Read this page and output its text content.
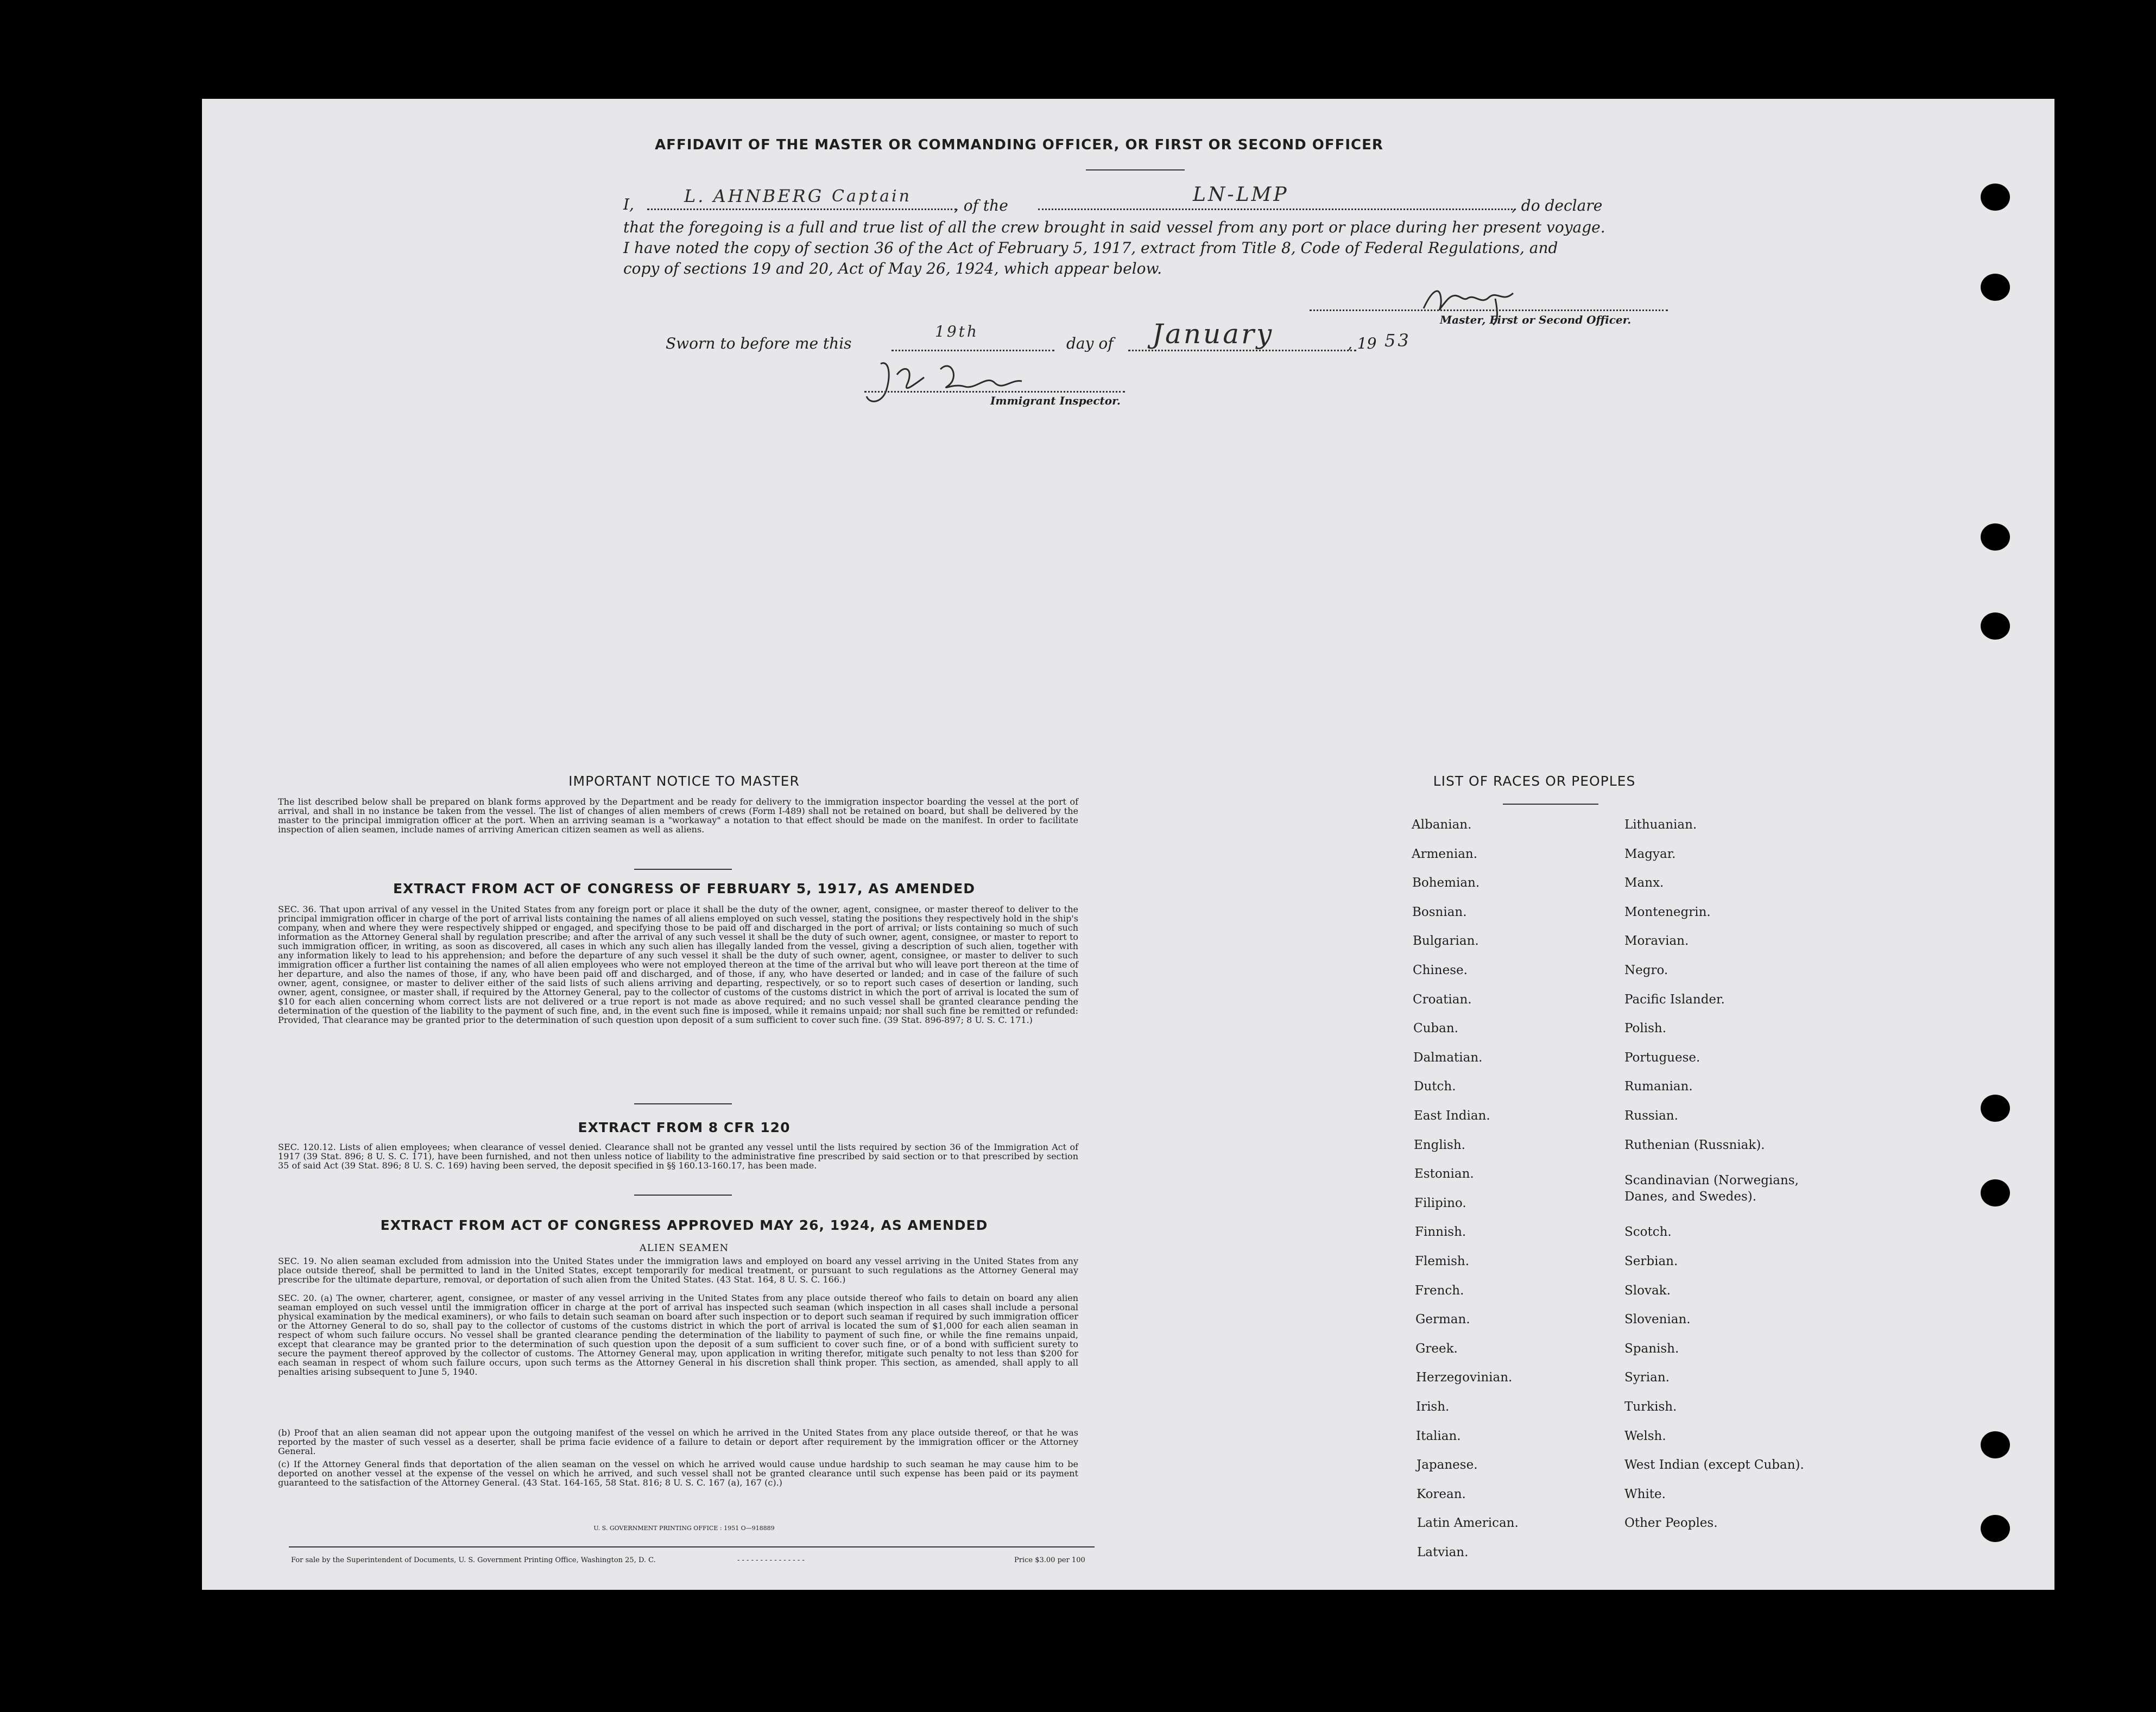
AFFIDAVIT OF THE MASTER OR COMMANDING OFFICER, OR FIRST OR SECOND OFFICER
I,	L. AHNBERG Captain	, of the	LN-LMP	, do declare
that the foregoing is a full and true list of all the crew brought in said vessel from any port or place during her present voyage.
I have noted the copy of section 36 of the Act of February 5, 1917, extract from Title 8, Code of Federal Regulations, and
copy of sections 19 and 20, Act of May 26, 1924, which appear below.
Master, First or Second Officer.
Sworn to before me this
19th
day of January	, 19 53
Immigrant Inspector.
IMPORTANT NOTICE TO MASTER
The list described below shall be prepared on blank forms approved by the Department and be ready for delivery to the immigration inspector boarding the vessel at the port of arrival, and shall in no instance be taken from the vessel. The list of changes of alien members of crews (Form I-489) shall not be retained on board, but shall be delivered by the master to the principal immigration officer at the port. When an arriving seaman is a "workaway" a notation to that effect should be made on the manifest. In order to facilitate inspection of alien seamen, include names of arriving American citizen seamen as well as aliens.
EXTRACT FROM ACT OF CONGRESS OF FEBRUARY 5, 1917, AS AMENDED
SEC. 36. That upon arrival of any vessel in the United States from any foreign port or place it shall be the duty of the owner, agent, consignee, or master thereof to deliver to the principal immigration officer in charge of the port of arrival lists containing the names of all aliens employed on such vessel, stating the positions they respectively hold in the ship's company, when and where they were respectively shipped or engaged, and specifying those to be paid off and discharged in the port of arrival; or lists containing so much of such information as the Attorney General shall by regulation prescribe; and after the arrival of any such vessel it shall be the duty of such owner, agent, consignee, or master to report to such immigration officer, in writing, as soon as discovered, all cases in which any such alien has illegally landed from the vessel, giving a description of such alien, together with any information likely to lead to his apprehension; and before the departure of any such vessel it shall be the duty of such owner, agent, consignee, or master to deliver to such immigration officer a further list containing the names of all alien employees who were not employed thereon at the time of the arrival but who will leave port thereon at the time of her departure, and also the names of those, if any, who have been paid off and discharged, and of those, if any, who have deserted or landed; and in case of the failure of such owner, agent, consignee, or master to deliver either of the said lists of such aliens arriving and departing, respectively, or so to report such cases of desertion or landing, such owner, agent, consignee, or master shall, if required by the Attorney General, pay to the collector of customs of the customs district in which the port of arrival is located the sum of $10 for each alien concerning whom correct lists are not delivered or a true report is not made as above required; and no such vessel shall be granted clearance pending the determination of the question of the liability to the payment of such fine, and, in the event such fine is imposed, while it remains unpaid; nor shall such fine be remitted or refunded: Provided, That clearance may be granted prior to the determination of such question upon deposit of a sum sufficient to cover such fine. (39 Stat. 896-897; 8 U. S. C. 171.)
EXTRACT FROM 8 CFR 120
SEC. 120.12. Lists of alien employees; when clearance of vessel denied. Clearance shall not be granted any vessel until the lists required by section 36 of the Immigration Act of 1917 (39 Stat. 896; 8 U. S. C. 171), have been furnished, and not then unless notice of liability to the administrative fine prescribed by said section or to that prescribed by section 35 of said Act (39 Stat. 896; 8 U. S. C. 169) having been served, the deposit specified in §§ 160.13-160.17, has been made.
EXTRACT FROM ACT OF CONGRESS APPROVED MAY 26, 1924, AS AMENDED
ALIEN SEAMEN
SEC. 19. No alien seaman excluded from admission into the United States under the immigration laws and employed on board any vessel arriving in the United States from any place outside thereof, shall be permitted to land in the United States, except temporarily for medical treatment, or pursuant to such regulations as the Attorney General may prescribe for the ultimate departure, removal, or deportation of such alien from the United States. (43 Stat. 164, 8 U. S. C. 166.)
SEC. 20. (a) The owner, charterer, agent, consignee, or master of any vessel arriving in the United States from any place outside thereof who fails to detain on board any alien seaman employed on such vessel until the immigration officer in charge at the port of arrival has inspected such seaman (which inspection in all cases shall include a personal physical examination by the medical examiners), or who fails to detain such seaman on board after such inspection or to deport such seaman if required by such immigration officer or the Attorney General to do so, shall pay to the collector of customs of the customs district in which the port of arrival is located the sum of $1,000 for each alien seaman in respect of whom such failure occurs. No vessel shall be granted clearance pending the determination of the liability to payment of such fine, or while the fine remains unpaid, except that clearance may be granted prior to the determination of such question upon the deposit of a sum sufficient to cover such fine, or of a bond with sufficient surety to secure the payment thereof approved by the collector of customs. The Attorney General may, upon application in writing therefor, mitigate such penalty to not less than $200 for each seaman in respect of whom such failure occurs, upon such terms as the Attorney General in his discretion shall think proper. This section, as amended, shall apply to all penalties arising subsequent to June 5, 1940.
(b) Proof that an alien seaman did not appear upon the outgoing manifest of the vessel on which he arrived in the United States from any place outside thereof, or that he was reported by the master of such vessel as a deserter, shall be prima facie evidence of a failure to detain or deport after requirement by the immigration officer or the Attorney General.
(c) If the Attorney General finds that deportation of the alien seaman on the vessel on which he arrived would cause undue hardship to such seaman he may cause him to be deported on another vessel at the expense of the vessel on which he arrived, and such vessel shall not be granted clearance until such expense has been paid or its payment guaranteed to the satisfaction of the Attorney General. (43 Stat. 164-165, 58 Stat. 816; 8 U. S. C. 167 (a), 167 (c).)
U. S. GOVERNMENT PRINTING OFFICE : 1951 O—918889
For sale by the Superintendent of Documents, U. S. Government Printing Office, Washington 25, D. C.	- - - - - - - - - - - - - - -	Price $3.00 per 100
LIST OF RACES OR PEOPLES
Albanian.
Armenian.
Bohemian.
Bosnian.
Bulgarian.
Chinese.
Croatian.
Cuban.
Dalmatian.
Dutch.
East Indian.
English.
Estonian.
Filipino.
Finnish.
Flemish.
French.
German.
Greek.
Herzegovinian.
Irish.
Italian.
Japanese.
Korean.
Latin American.
Latvian.
Lithuanian.
Magyar.
Manx.
Montenegrin.
Moravian.
Negro.
Pacific Islander.
Polish.
Portuguese.
Rumanian.
Russian.
Ruthenian (Russniak).
Scandinavian (Norwegians,
Danes, and Swedes).
Scotch.
Serbian.
Slovak.
Slovenian.
Spanish.
Syrian.
Turkish.
Welsh.
West Indian (except Cuban).
White.
Other Peoples.
